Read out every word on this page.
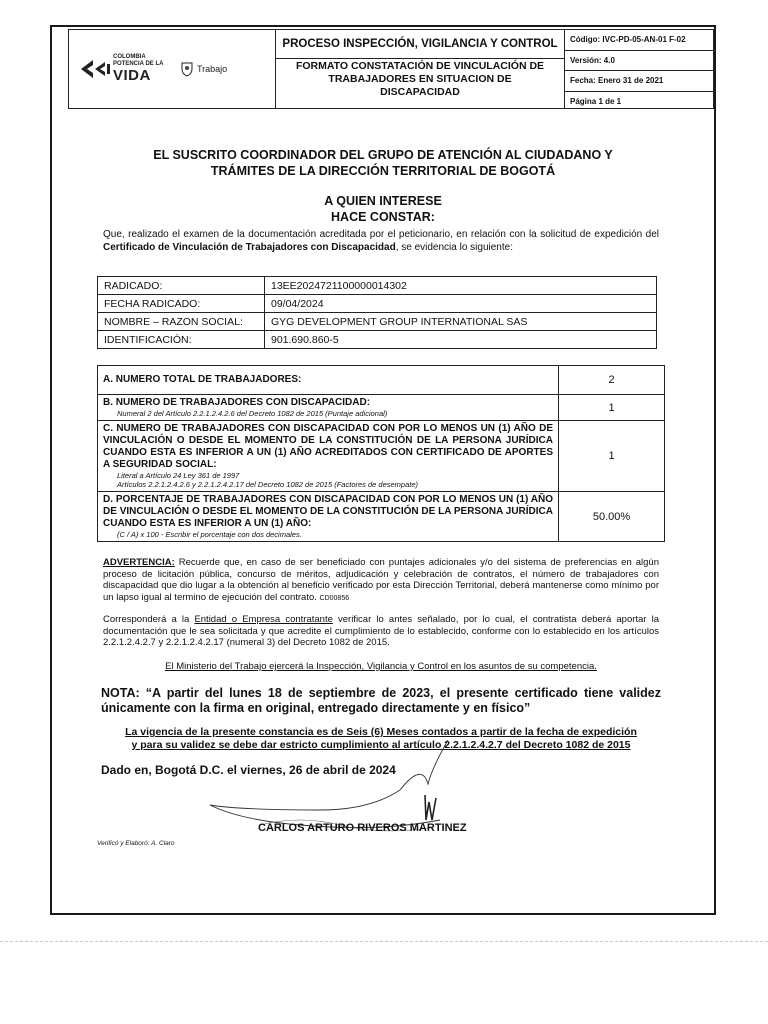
COLOMBIA
POTENCIA DE LA
VIDA	Trabajo
PROCESO INSPECCIÓN, VIGILANCIA Y CONTROL
FORMATO CONSTATACIÓN DE VINCULACIÓN DE
TRABAJADORES EN SITUACION DE
DISCAPACIDAD
Código: IVC-PD-05-AN-01 F-02
Versión: 4.0
Fecha: Enero 31 de 2021
Página 1 de 1
EL SUSCRITO COORDINADOR DEL GRUPO DE ATENCIÓN AL CIUDADANO Y
TRÁMITES DE LA DIRECCIÓN TERRITORIAL DE BOGOTÁ
A QUIEN INTERESE
HACE CONSTAR:
Que, realizado el examen de la documentación acreditada por el peticionario, en relación con la solicitud de expedición del Certificado de Vinculación de Trabajadores con Discapacidad, se evidencia lo siguiente:
RADICADO:	13EE2024721100000014302
FECHA RADICADO:	09/04/2024
NOMBRE – RAZON SOCIAL:	GYG DEVELOPMENT GROUP INTERNATIONAL SAS
IDENTIFICACIÓN:	901.690.860-5
A. NUMERO TOTAL DE TRABAJADORES:	2

B. NUMERO DE TRABAJADORES CON DISCAPACIDAD:
Numeral 2 del Artículo 2.2.1.2.4.2.6 del Decreto 1082 de 2015 (Puntaje adicional)	1

C. NUMERO DE TRABAJADORES CON DISCAPACIDAD CON POR LO MENOS UN (1) AÑO DE VINCULACIÓN O DESDE EL MOMENTO DE LA CONSTITUCIÓN DE LA PERSONA JURÍDICA CUANDO ESTA ES INFERIOR A UN (1) AÑO ACREDITADOS CON CERTIFICADO DE APORTES A SEGURIDAD SOCIAL:
Literal a Artículo 24 Ley 361 de 1997
Artículos 2.2.1.2.4.2.6 y 2.2.1.2.4.2.17 del Decreto 1082 de 2015 (Factores de desempate)	1

D. PORCENTAJE DE TRABAJADORES CON DISCAPACIDAD CON POR LO MENOS UN (1) AÑO DE VINCULACIÓN O DESDE EL MOMENTO DE LA CONSTITUCIÓN DE LA PERSONA JURÍDICA CUANDO ESTA ES INFERIOR A UN (1) AÑO:
(C / A) x 100 - Escribir el porcentaje con dos decimales.	50.00%
ADVERTENCIA: Recuerde que, en caso de ser beneficiado con puntajes adicionales y/o del sistema de preferencias en algún proceso de licitación pública, concurso de méritos, adjudicación y celebración de contratos, el número de trabajadores con discapacidad que dio lugar a la obtención al beneficio verificado por esta Dirección Territorial, deberá mantenerse como mínimo por un lapso igual al termino de ejecución del contrato. CD00856
Corresponderá a la Entidad o Empresa contratante verificar lo antes señalado, por lo cual, el contratista deberá aportar la documentación que le sea solicitada y que acredite el cumplimiento de lo establecido, conforme con lo establecido en los artículos 2.2.1.2.4.2.7 y 2.2.1.2.4.2.17 (numeral 3) del Decreto 1082 de 2015.
El Ministerio del Trabajo ejercerá la Inspección, Vigilancia y Control en los asuntos de su competencia.
NOTA: “A partir del lunes 18 de septiembre de 2023, el presente certificado tiene validez únicamente con la firma en original, entregado directamente y en físico”
La vigencia de la presente constancia es de Seis (6) Meses contados a partir de la fecha de expedición
y para su validez se debe dar estricto cumplimiento al artículo 2.2.1.2.4.2.7 del Decreto 1082 de 2015
Dado en, Bogotá D.C. el viernes, 26 de abril de 2024
CARLOS ARTURO RIVEROS MARTINEZ
Verificó y Elaboró: A. Claro
